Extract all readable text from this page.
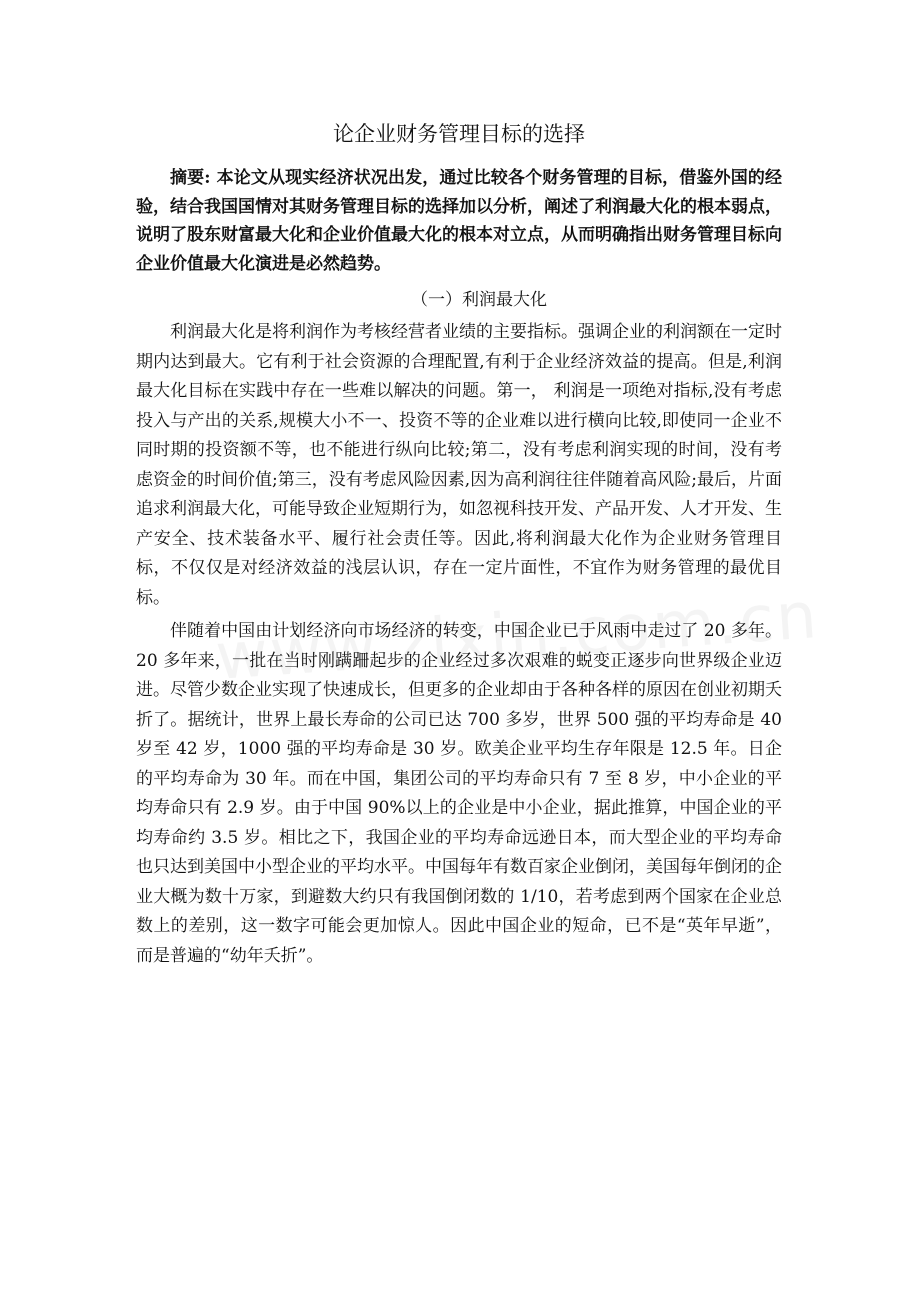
论企业财务管理目标的选择

摘要: 本论文从现实经济状况出发，通过比较各个财务管理的目标，借鉴外国的经验，结合我国国情对其财务管理目标的选择加以分析，阐述了利润最大化的根本弱点，说明了股东财富最大化和企业价值最大化的根本对立点，从而明确指出财务管理目标向企业价值最大化演进是必然趋势。

（一）利润最大化

利润最大化是将利润作为考核经营者业绩的主要指标。强调企业的利润额在一定时期内达到最大。它有利于社会资源的合理配置,有利于企业经济效益的提高。但是,利润最大化目标在实践中存在一些难以解决的问题。第一， 利润是一项绝对指标,没有考虑投入与产出的关系,规模大小不一、投资不等的企业难以进行横向比较,即使同一企业不同时期的投资额不等，也不能进行纵向比较;第二，没有考虑利润实现的时间，没有考虑资金的时间价值;第三，没有考虑风险因素,因为高利润往往伴随着高风险;最后，片面追求利润最大化，可能导致企业短期行为，如忽视科技开发、产品开发、人才开发、生产安全、技术装备水平、履行社会责任等。因此,将利润最大化作为企业财务管理目标，不仅仅是对经济效益的浅层认识，存在一定片面性，不宜作为财务管理的最优目标。

伴随着中国由计划经济向市场经济的转变，中国企业已于风雨中走过了 20 多年。20 多年来，一批在当时刚蹒跚起步的企业经过多次艰难的蜕变正逐步向世界级企业迈进。尽管少数企业实现了快速成长，但更多的企业却由于各种各样的原因在创业初期夭折了。据统计，世界上最长寿命的公司已达 700 多岁，世界 500 强的平均寿命是 40 岁至 42 岁，1000 强的平均寿命是 30 岁。欧美企业平均生存年限是 12.5 年。日企的平均寿命为 30 年。而在中国，集团公司的平均寿命只有 7 至 8 岁，中小企业的平均寿命只有 2.9 岁。由于中国 90%以上的企业是中小企业，据此推算，中国企业的平均寿命约 3.5 岁。相比之下，我国企业的平均寿命远逊日本，而大型企业的平均寿命也只达到美国中小型企业的平均水平。中国每年有数百家企业倒闭，美国每年倒闭的企业大概为数十万家，到避数大约只有我国倒闭数的 1/10，若考虑到两个国家在企业总数上的差别，这一数字可能会更加惊人。因此中国企业的短命，已不是“英年早逝”，而是普遍的“幼年夭折”。
